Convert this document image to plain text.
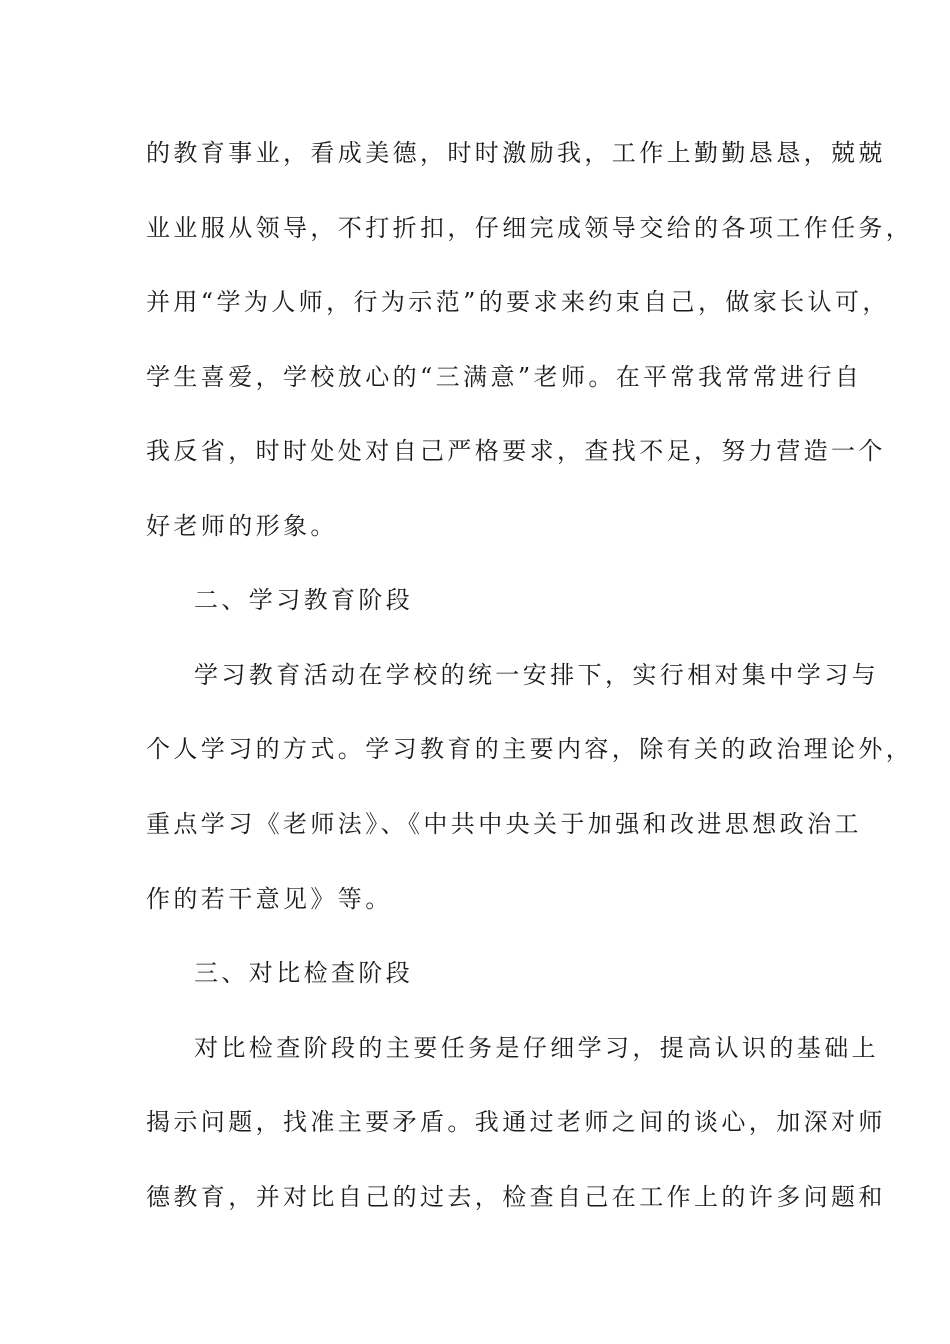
的教育事业，看成美德，时时激励我，工作上勤勤恳恳，兢兢
业业服从领导，不打折扣，仔细完成领导交给的各项工作任务，
并用“学为人师，行为示范”的要求来约束自己，做家长认可，
学生喜爱，学校放心的“三满意”老师。在平常我常常进行自
我反省，时时处处对自己严格要求，查找不足，努力营造一个
好老师的形象。
二、学习教育阶段
学习教育活动在学校的统一安排下，实行相对集中学习与
个人学习的方式。学习教育的主要内容，除有关的政治理论外，
重点学习《老师法》、《中共中央关于加强和改进思想政治工
作的若干意见》等。
三、对比检查阶段
对比检查阶段的主要任务是仔细学习，提高认识的基础上
揭示问题，找准主要矛盾。我通过老师之间的谈心，加深对师
德教育，并对比自己的过去，检查自己在工作上的许多问题和
